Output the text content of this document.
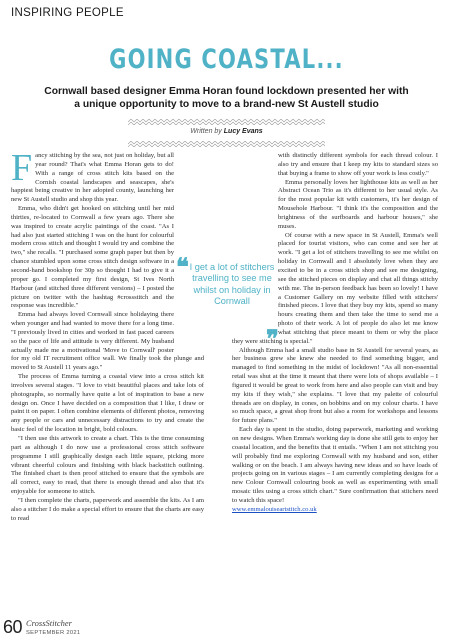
INSPIRING PEOPLE
GOING COASTAL...
Cornwall based designer Emma Horan found lockdown presented her with a unique opportunity to move to a brand-new St Austell studio
Written by Lucy Evans

Fancy stitching by the sea, not just on holiday, but all year round? That's what Emma Horan gets to do! With a range of cross stitch kits based on the Cornish coastal landscapes and seascapes, she's happiest being creative in her adopted county, launching her new St Austell studio and shop this year.

Emma, who didn't get hooked on stitching until her mid thirties, re-located to Cornwall a few years ago. There she was inspired to create acrylic paintings of the coast. "As I had also just started stitching I was on the hunt for colourful modern cross stitch and thought I would try and combine the two," she recalls. "I purchased some graph paper but then by chance stumbled upon some cross stitch design software in a second-hand bookshop for 30p so thought I had to give it a proper go. I completed my first design, St Ives North Harbour (and stitched three different versions) – I posted the picture on twitter with the hashtag #crossstitch and the response was incredible."

Emma had always loved Cornwall since holidaying there when younger and had wanted to move there for a long time. "I previously lived in cities and worked in fast paced careers so the pace of life and attitude is very different. My husband actually made me a motivational 'Move to Cornwall' poster for my old IT recruitment office wall. We finally took the plunge and moved to St Austell 11 years ago."

The process of Emma turning a coastal view into a cross stitch kit involves several stages. "I love to visit beautiful places and take lots of photographs, so normally have quite a lot of inspiration to base a new design on. Once I have decided on a composition that I like, I draw or paint it on paper. I often combine elements of different photos, removing any people or cars and unnecessary distractions to try and create the basic feel of the location in bright, bold colours.

"I then use this artwork to create a chart. This is the time consuming part as although I do now use a professional cross stitch software programme I still graphically design each little square, picking more vibrant cheerful colours and finishing with black backstitch outlining. The finished chart is then proof stitched to ensure that the symbols are all correct, easy to read, that there is enough thread and also that it's enjoyable for someone to stitch.

"I then complete the charts, paperwork and assemble the kits. As I am also a stitcher I do make a special effort to ensure that the charts are easy to read

with distinctly different symbols for each thread colour. I also try and ensure that I keep my kits to standard sizes so that buying a frame to show off your work is less costly."

Emma personally loves her lighthouse kits as well as her Abstract Ocean Trio as it's different to her usual style. As for the most popular kit with customers, it's her design of Mousehole Harbour. "I think it's the composition and the brightness of the surfboards and harbour houses," she muses.

Of course with a new space in St Austell, Emma's well placed for tourist visitors, who can come and see her at work. "I get a lot of stitchers travelling to see me whilst on holiday in Cornwall and I absolutely love when they are excited to be in a cross stitch shop and see me designing, see the stitched pieces on display and chat all things stitchy with me. The in-person feedback has been so lovely! I have a Customer Gallery on my website filled with stitchers' finished pieces. I love that they buy my kits, spend so many hours creating them and then take the time to send me a photo of their work. A lot of people do also let me know what stitching that piece meant to them or why the place they were stitching is special."

Although Emma had a small studio base in St Austell for several years, as her business grew she knew she needed to find something bigger, and managed to find something in the midst of lockdown! "As all non-essential retail was shut at the time it meant that there were lots of shops available – I figured it would be great to work from here and also people can visit and buy my kits if they wish," she explains. "I love that my palette of colourful threads are on display, in cones, on bobbins and on my colour charts. I have so much space, a great shop front but also a room for workshops and lessons for future plans."

Each day is spent in the studio, doing paperwork, marketing and working on new designs. When Emma's working day is done she still gets to enjoy her coastal location, and the benefits that it entails. "When I am not stitching you will probably find me exploring Cornwall with my husband and son, either walking or on the beach. I am always having new ideas and so have loads of projects going on in various stages – I am currently completing designs for a new Colour Cornwall colouring book as well as experimenting with small mosaic tiles using a cross stitch chart." Sure confirmation that stitchers need to watch this space!

www.emmalouiseartstitch.co.uk

❝ I get a lot of stitchers travelling to see me whilst on holiday in Cornwall
❞
60 CrossStitcher
SEPTEMBER 2021
